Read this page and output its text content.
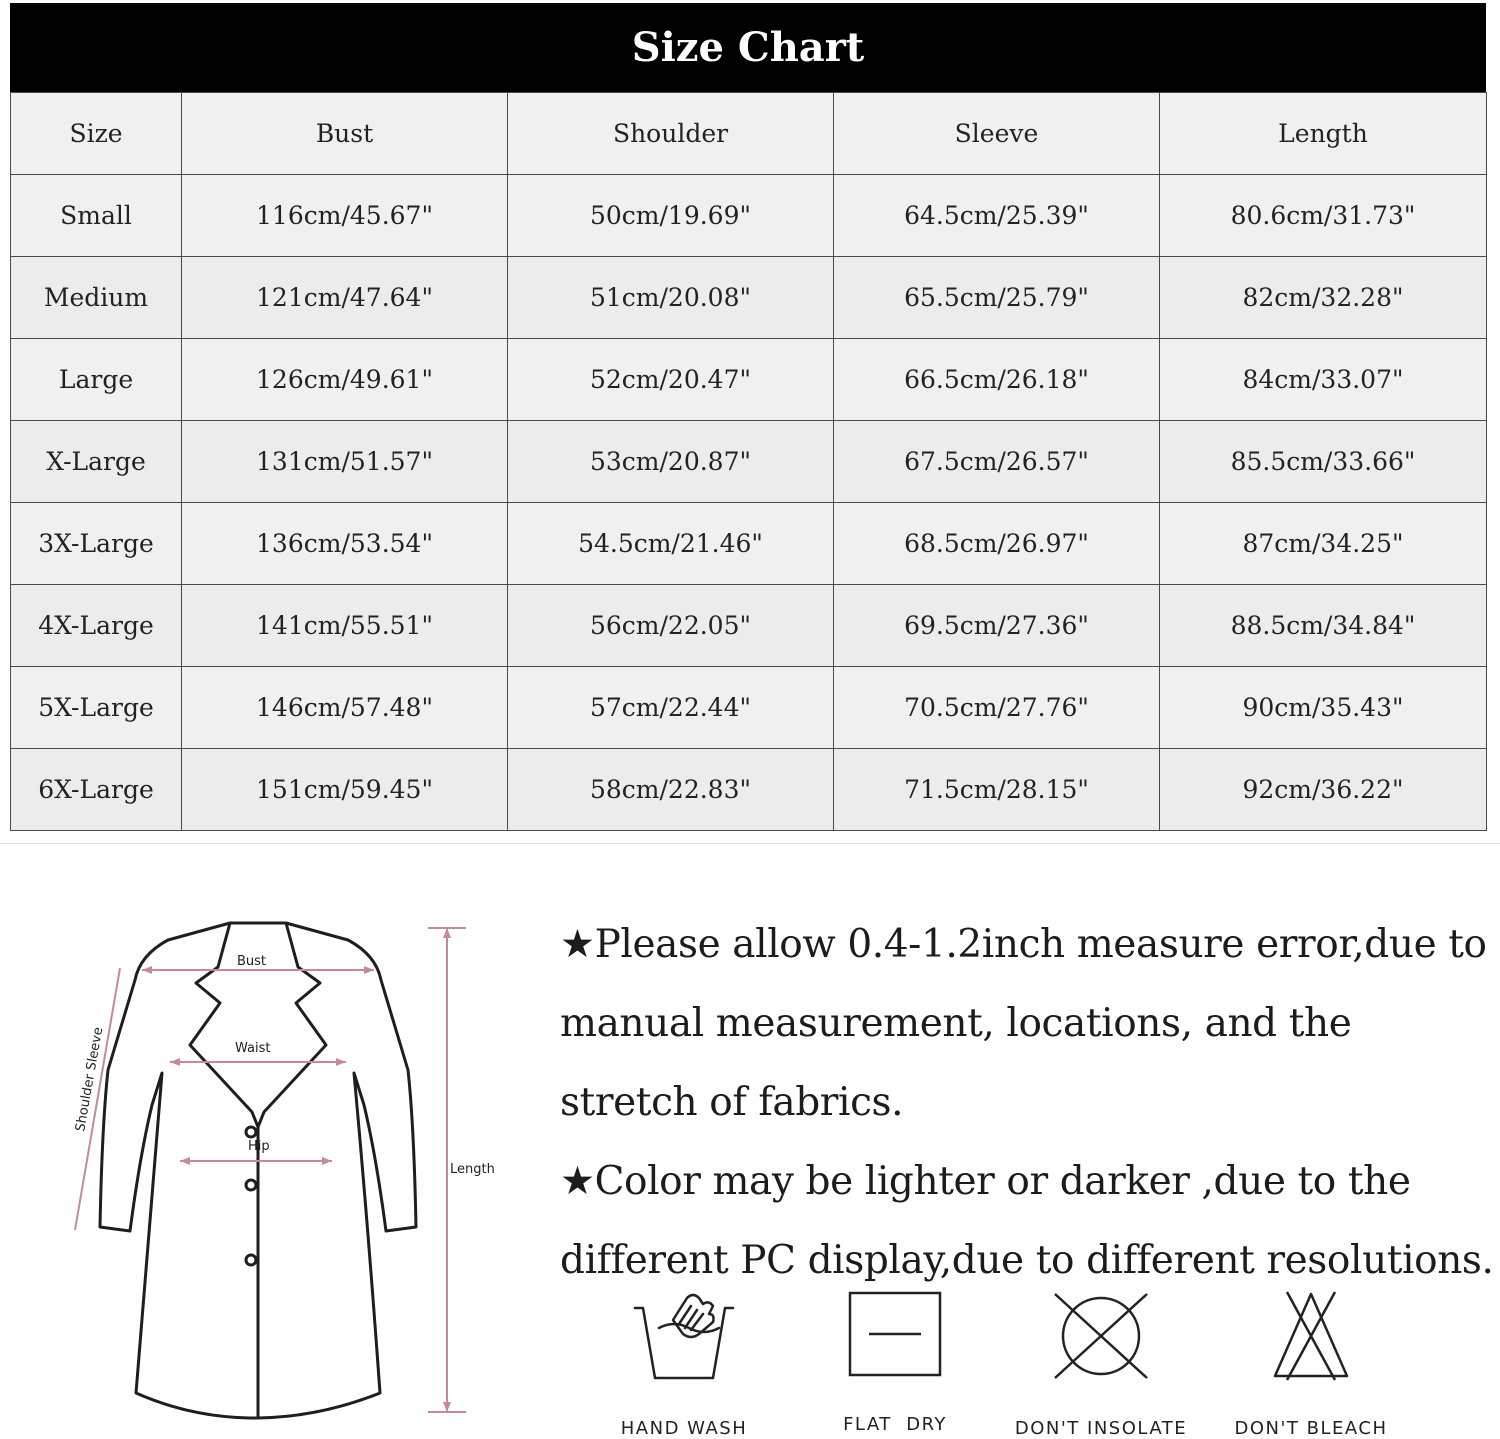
Size Chart
Size	Bust	Shoulder	Sleeve	Length
Small	116cm/45.67"	50cm/19.69"	64.5cm/25.39"	80.6cm/31.73"
Medium	121cm/47.64"	51cm/20.08"	65.5cm/25.79"	82cm/32.28"
Large	126cm/49.61"	52cm/20.47"	66.5cm/26.18"	84cm/33.07"
X-Large	131cm/51.57"	53cm/20.87"	67.5cm/26.57"	85.5cm/33.66"
3X-Large	136cm/53.54"	54.5cm/21.46"	68.5cm/26.97"	87cm/34.25"
4X-Large	141cm/55.51"	56cm/22.05"	69.5cm/27.36"	88.5cm/34.84"
5X-Large	146cm/57.48"	57cm/22.44"	70.5cm/27.76"	90cm/35.43"
6X-Large	151cm/59.45"	58cm/22.83"	71.5cm/28.15"	92cm/36.22"
Bust
Waist
Hip
Length
Shoulder Sleeve

★Please allow 0.4-1.2inch measure error,due to manual measurement, locations, and the stretch of fabrics.

★Color may be lighter or darker ,due to the different PC display,due to different resolutions.

HAND WASH	FLAT  DRY	DON'T INSOLATE	DON'T BLEACH
